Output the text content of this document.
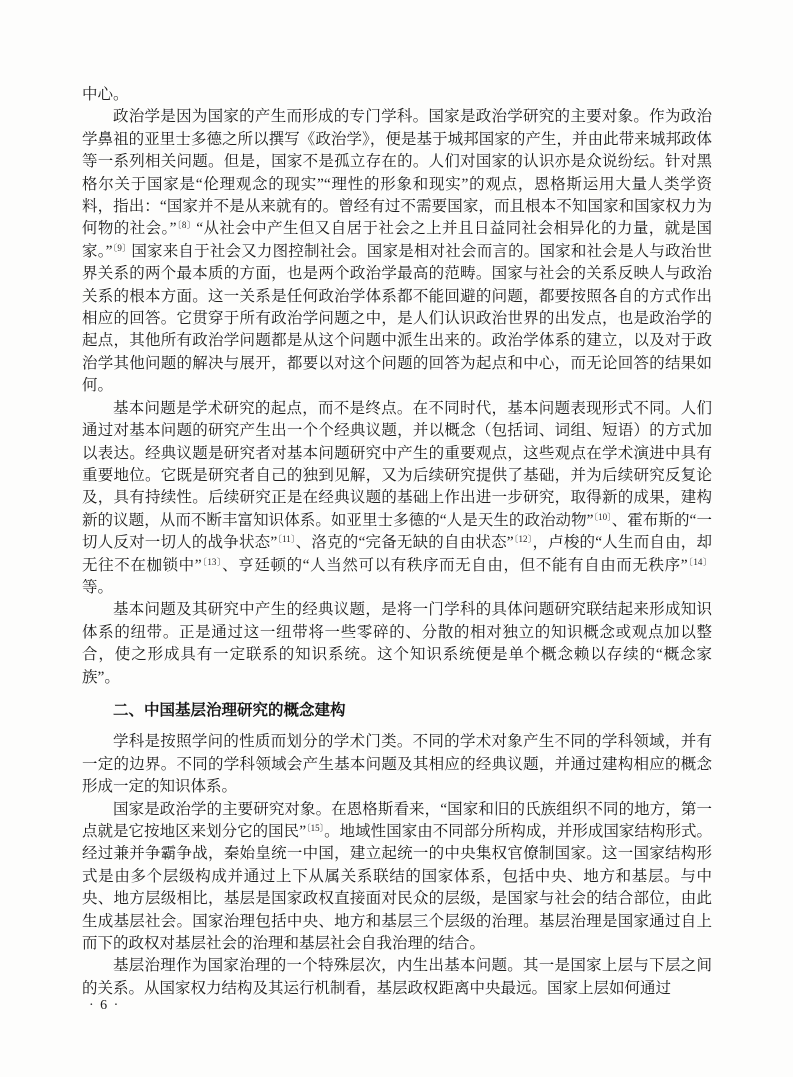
中心。

政治学是因为国家的产生而形成的专门学科。国家是政治学研究的主要对象。作为政治学鼻祖的亚里士多德之所以撰写《政治学》，便是基于城邦国家的产生，并由此带来城邦政体等一系列相关问题。但是，国家不是孤立存在的。人们对国家的认识亦是众说纷纭。针对黑格尔关于国家是“伦理观念的现实”“理性的形象和现实”的观点，恩格斯运用大量人类学资料，指出：“国家并不是从来就有的。曾经有过不需要国家，而且根本不知国家和国家权力为何物的社会。”$^{〔8〕}$“从社会中产生但又自居于社会之上并且日益同社会相异化的力量，就是国家。”$^{〔9〕}$国家来自于社会又力图控制社会。国家是相对社会而言的。国家和社会是人与政治世界关系的两个最本质的方面，也是两个政治学最高的范畴。国家与社会的关系反映人与政治关系的根本方面。这一关系是任何政治学体系都不能回避的问题，都要按照各自的方式作出相应的回答。它贯穿于所有政治学问题之中，是人们认识政治世界的出发点，也是政治学的起点，其他所有政治学问题都是从这个问题中派生出来的。政治学体系的建立，以及对于政治学其他问题的解决与展开，都要以对这个问题的回答为起点和中心，而无论回答的结果如何。

基本问题是学术研究的起点，而不是终点。在不同时代，基本问题表现形式不同。人们通过对基本问题的研究产生出一个个经典议题，并以概念（包括词、词组、短语）的方式加以表达。经典议题是研究者对基本问题研究中产生的重要观点，这些观点在学术演进中具有重要地位。它既是研究者自己的独到见解，又为后续研究提供了基础，并为后续研究反复论及，具有持续性。后续研究正是在经典议题的基础上作出进一步研究，取得新的成果，建构新的议题，从而不断丰富知识体系。如亚里士多德的“人是天生的政治动物”$^{〔10〕}$、霍布斯的“一切人反对一切人的战争状态”$^{〔11〕}$、洛克的“完备无缺的自由状态”$^{〔12〕}$，卢梭的“人生而自由，却无往不在枷锁中”$^{〔13〕}$、亨廷顿的“人当然可以有秩序而无自由，但不能有自由而无秩序”$^{〔14〕}$等。

基本问题及其研究中产生的经典议题，是将一门学科的具体问题研究联结起来形成知识体系的纽带。正是通过这一纽带将一些零碎的、分散的相对独立的知识概念或观点加以整合，使之形成具有一定联系的知识系统。这个知识系统便是单个概念赖以存续的“概念家族”。

二、中国基层治理研究的概念建构

学科是按照学问的性质而划分的学术门类。不同的学术对象产生不同的学科领域，并有一定的边界。不同的学科领域会产生基本问题及其相应的经典议题，并通过建构相应的概念形成一定的知识体系。

国家是政治学的主要研究对象。在恩格斯看来，“国家和旧的氏族组织不同的地方，第一点就是它按地区来划分它的国民”$^{〔15〕}$。地域性国家由不同部分所构成，并形成国家结构形式。经过兼并争霸争战，秦始皇统一中国，建立起统一的中央集权官僚制国家。这一国家结构形式是由多个层级构成并通过上下从属关系联结的国家体系，包括中央、地方和基层。与中央、地方层级相比，基层是国家政权直接面对民众的层级，是国家与社会的结合部位，由此生成基层社会。国家治理包括中央、地方和基层三个层级的治理。基层治理是国家通过自上而下的政权对基层社会的治理和基层社会自我治理的结合。

基层治理作为国家治理的一个特殊层次，内生出基本问题。其一是国家上层与下层之间的关系。从国家权力结构及其运行机制看，基层政权距离中央最远。国家上层如何通过

· 6 ·
